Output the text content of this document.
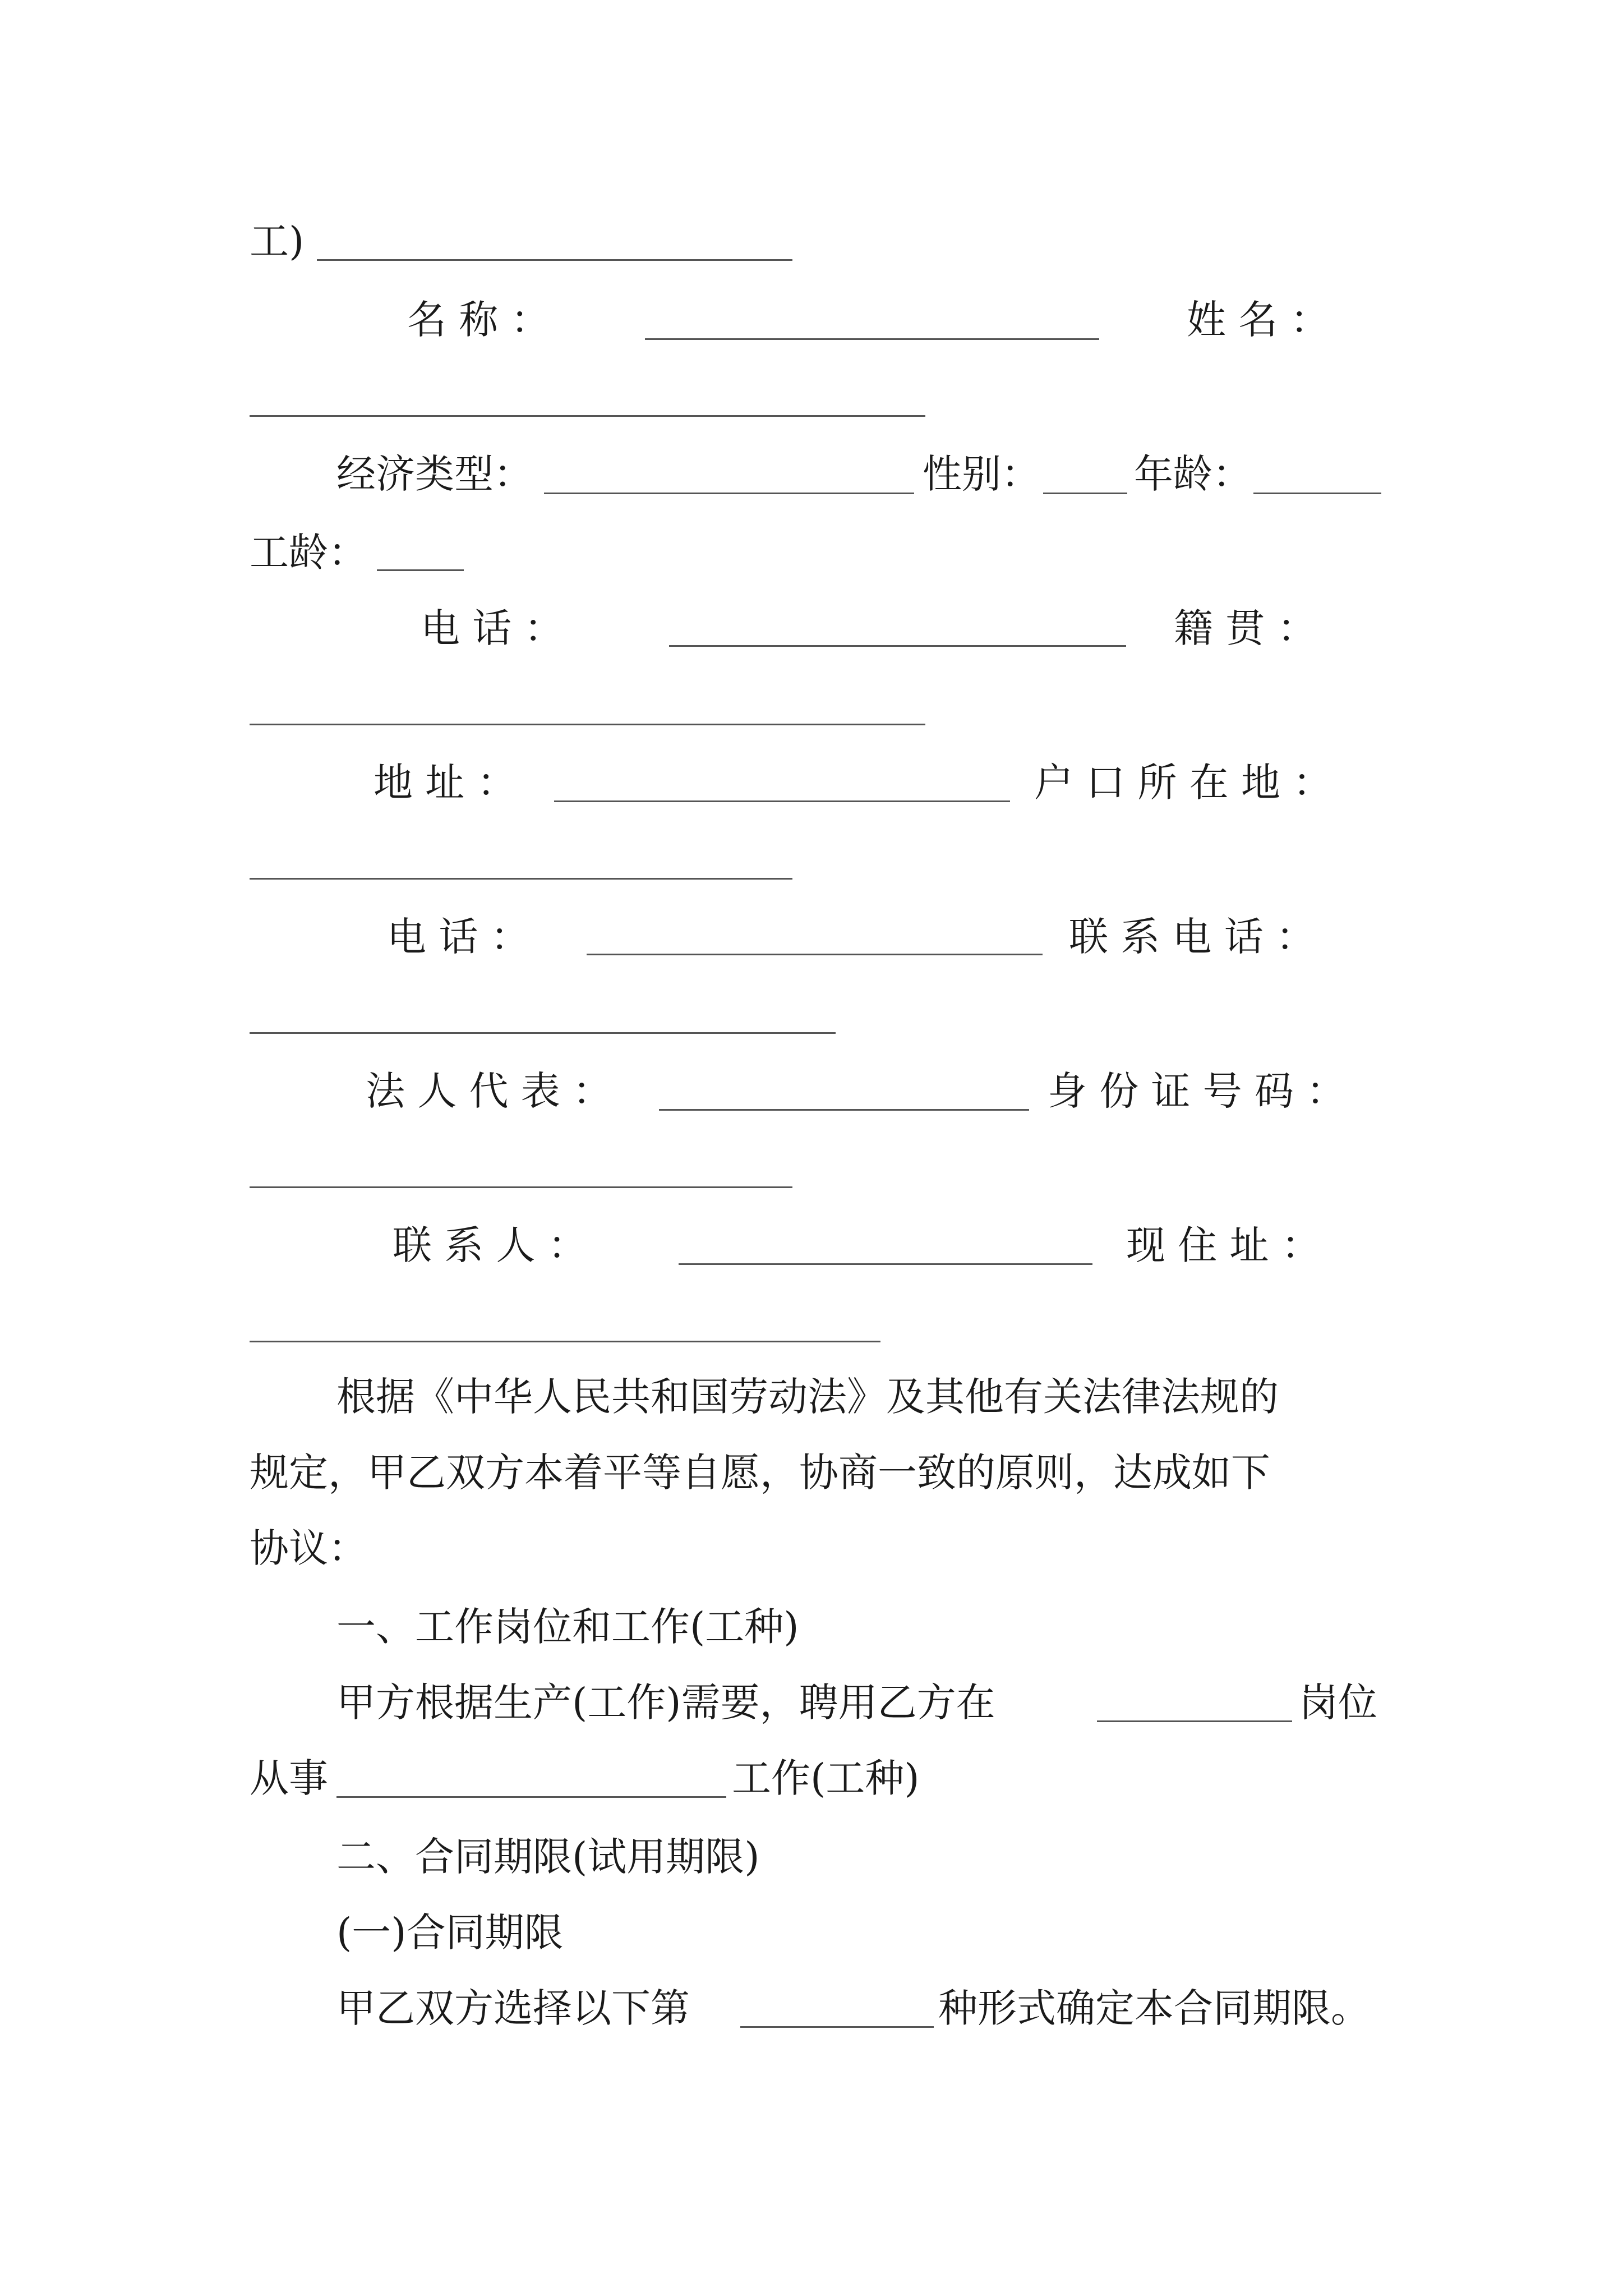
工)
名 称 ：	姓 名 ：
经济类型：	性别： 年龄：
工龄：
电 话 ：	籍 贯 ：
地 址 ：	户 口 所 在 地 ：
电 话 ：	联 系 电 话 ：
法 人 代 表 ：	身 份 证 号 码 ：
联 系 人 ：	现 住 址 ：
根据《中华人民共和国劳动法》及其他有关法律法规的
规定，甲乙双方本着平等自愿，协商一致的原则，达成如下
协议：
一、工作岗位和工作(工种)
甲方根据生产(工作)需要，聘用乙方在	岗位
从事	工作(工种)
二、合同期限(试用期限)
(一)合同期限
甲乙双方选择以下第	种形式确定本合同期限。
